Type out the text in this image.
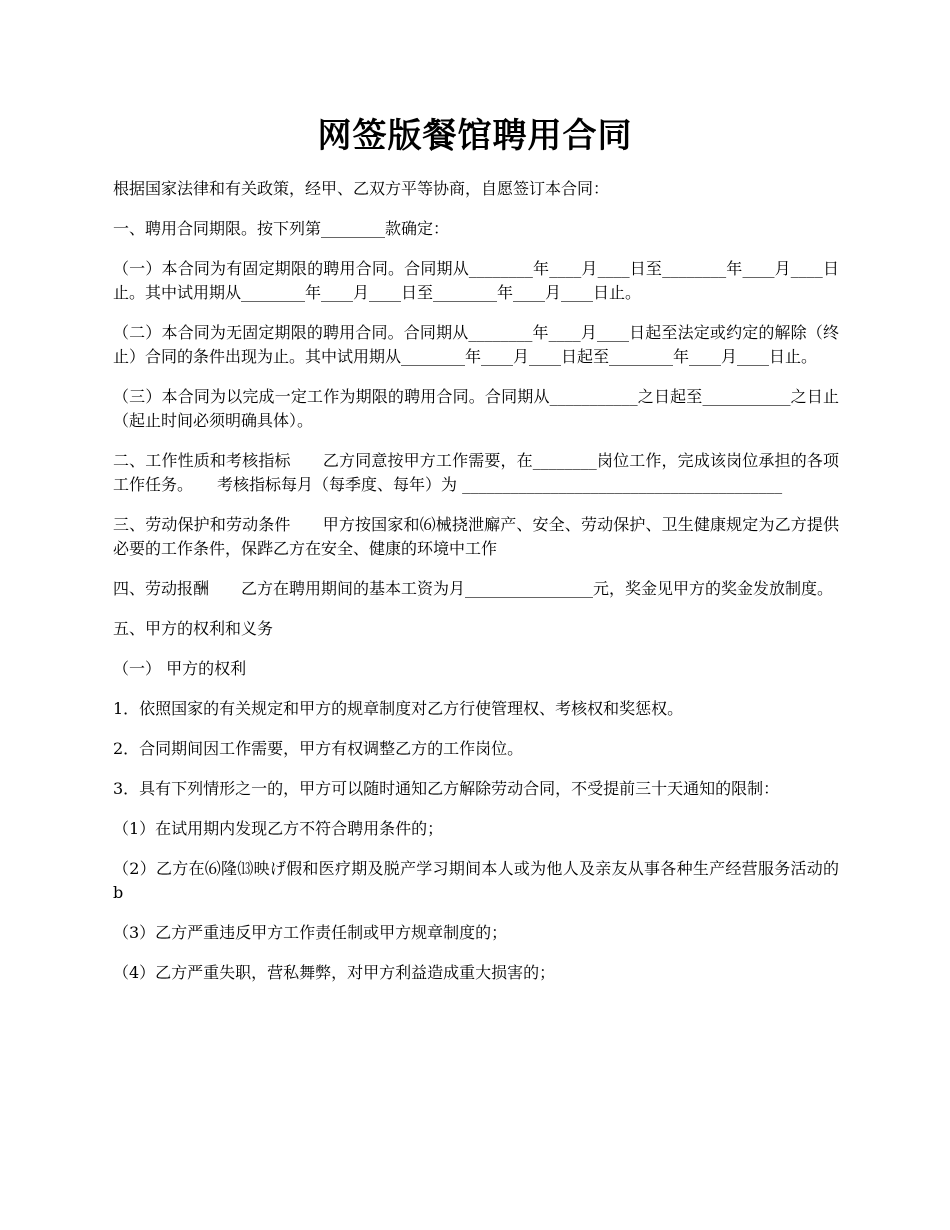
网签版餐馆聘用合同

根据国家法律和有关政策，经甲、乙双方平等协商，自愿签订本合同：

一、聘用合同期限。按下列第________款确定：

（一）本合同为有固定期限的聘用合同。合同期从________年____月____日至________年____月____日止。其中试用期从________年____月____日至________年____月____日止。

（二）本合同为无固定期限的聘用合同。合同期从________年____月____日起至法定或约定的解除（终止）合同的条件出现为止。其中试用期从________年____月____日起至________年____月____日止。

（三）本合同为以完成一定工作为期限的聘用合同。合同期从___________之日起至___________之日止（起止时间必须明确具体）。

二、工作性质和考核指标　　乙方同意按甲方工作需要，在________岗位工作，完成该岗位承担的各项工作任务。　　考核指标每月（每季度、每年）为 ________________________________________

三、劳动保护和劳动条件　　甲方按国家和⑹械挠泄廨产、安全、劳动保护、卫生健康规定为乙方提供必要的工作条件，保跸乙方在安全、健康的环境中工作

四、劳动报酬　　乙方在聘用期间的基本工资为月________________元，奖金见甲方的奖金发放制度。

五、甲方的权利和义务

（一） 甲方的权利

1．依照国家的有关规定和甲方的规章制度对乙方行使管理权、考核权和奖惩权。

2．合同期间因工作需要，甲方有权调整乙方的工作岗位。

3．具有下列情形之一的，甲方可以随时通知乙方解除劳动合同，不受提前三十天通知的限制：

（1）在试用期内发现乙方不符合聘用条件的；

（2）乙方在⑹隆⒀映げ假和医疗期及脱产学习期间本人或为他人及亲友从事各种生产经营服务活动的 b

（3）乙方严重违反甲方工作责任制或甲方规章制度的；

（4）乙方严重失职，营私舞弊，对甲方利益造成重大损害的；
